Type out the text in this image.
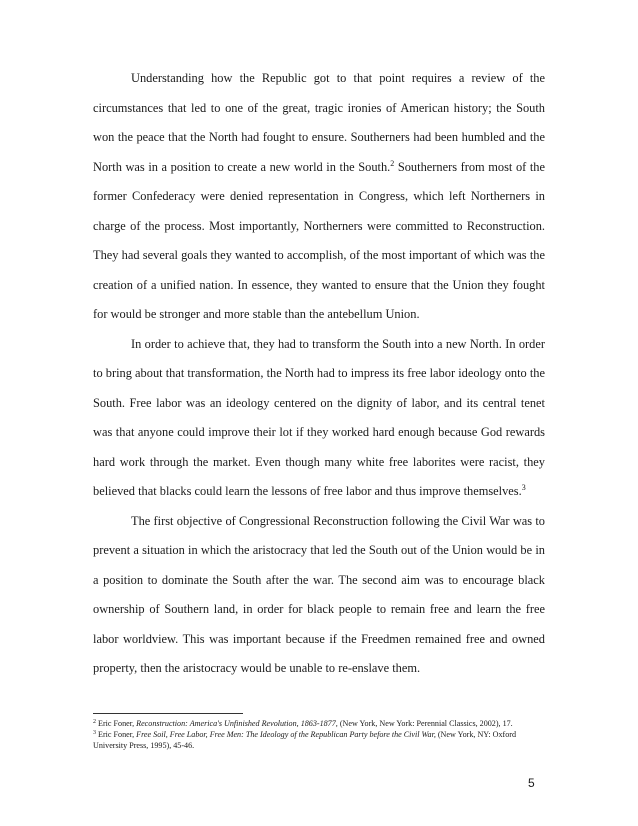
Understanding how the Republic got to that point requires a review of the circumstances that led to one of the great, tragic ironies of American history; the South won the peace that the North had fought to ensure. Southerners had been humbled and the North was in a position to create a new world in the South.$^2$ Southerners from most of the former Confederacy were denied representation in Congress, which left Northerners in charge of the process. Most importantly, Northerners were committed to Reconstruction. They had several goals they wanted to accomplish, of the most important of which was the creation of a unified nation. In essence, they wanted to ensure that the Union they fought for would be stronger and more stable than the antebellum Union.

In order to achieve that, they had to transform the South into a new North. In order to bring about that transformation, the North had to impress its free labor ideology onto the South. Free labor was an ideology centered on the dignity of labor, and its central tenet was that anyone could improve their lot if they worked hard enough because God rewards hard work through the market. Even though many white free laborites were racist, they believed that blacks could learn the lessons of free labor and thus improve themselves.$^3$

The first objective of Congressional Reconstruction following the Civil War was to prevent a situation in which the aristocracy that led the South out of the Union would be in a position to dominate the South after the war. The second aim was to encourage black ownership of Southern land, in order for black people to remain free and learn the free labor worldview. This was important because if the Freedmen remained free and owned property, then the aristocracy would be unable to re-enslave them.

$^2$ Eric Foner, Reconstruction: America's Unfinished Revolution, 1863-1877, (New York, New York: Perennial Classics, 2002), 17.

$^3$ Eric Foner, Free Soil, Free Labor, Free Men: The Ideology of the Republican Party before the Civil War, (New York, NY: Oxford University Press, 1995), 45-46.

5
